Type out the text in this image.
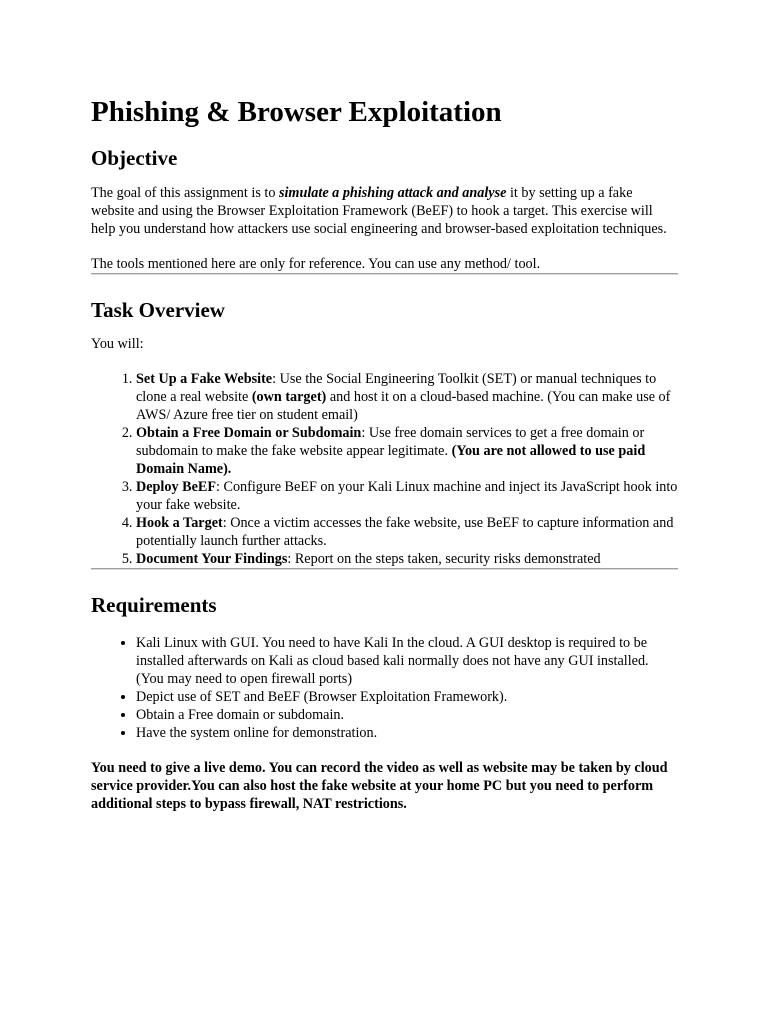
Phishing & Browser Exploitation
Objective

The goal of this assignment is to simulate a phishing attack and analyse it by setting up a fake website and using the Browser Exploitation Framework (BeEF) to hook a target. This exercise will help you understand how attackers use social engineering and browser-based exploitation techniques.

The tools mentioned here are only for reference. You can use any method/ tool.

Task Overview

You will:

1. Set Up a Fake Website: Use the Social Engineering Toolkit (SET) or manual techniques to clone a real website (own target) and host it on a cloud-based machine. (You can make use of AWS/ Azure free tier on student email)
2. Obtain a Free Domain or Subdomain: Use free domain services to get a free domain or subdomain to make the fake website appear legitimate. (You are not allowed to use paid Domain Name).
3. Deploy BeEF: Configure BeEF on your Kali Linux machine and inject its JavaScript hook into your fake website.
4. Hook a Target: Once a victim accesses the fake website, use BeEF to capture information and potentially launch further attacks.
5. Document Your Findings: Report on the steps taken, security risks demonstrated
Requirements
• Kali Linux with GUI. You need to have Kali In the cloud. A GUI desktop is required to be installed afterwards on Kali as cloud based kali normally does not have any GUI installed. (You may need to open firewall ports)
• Depict use of SET and BeEF (Browser Exploitation Framework).
• Obtain a Free domain or subdomain.
• Have the system online for demonstration.

You need to give a live demo. You can record the video as well as website may be taken by cloud service provider.You can also host the fake website at your home PC but you need to perform additional steps to bypass firewall, NAT restrictions.
